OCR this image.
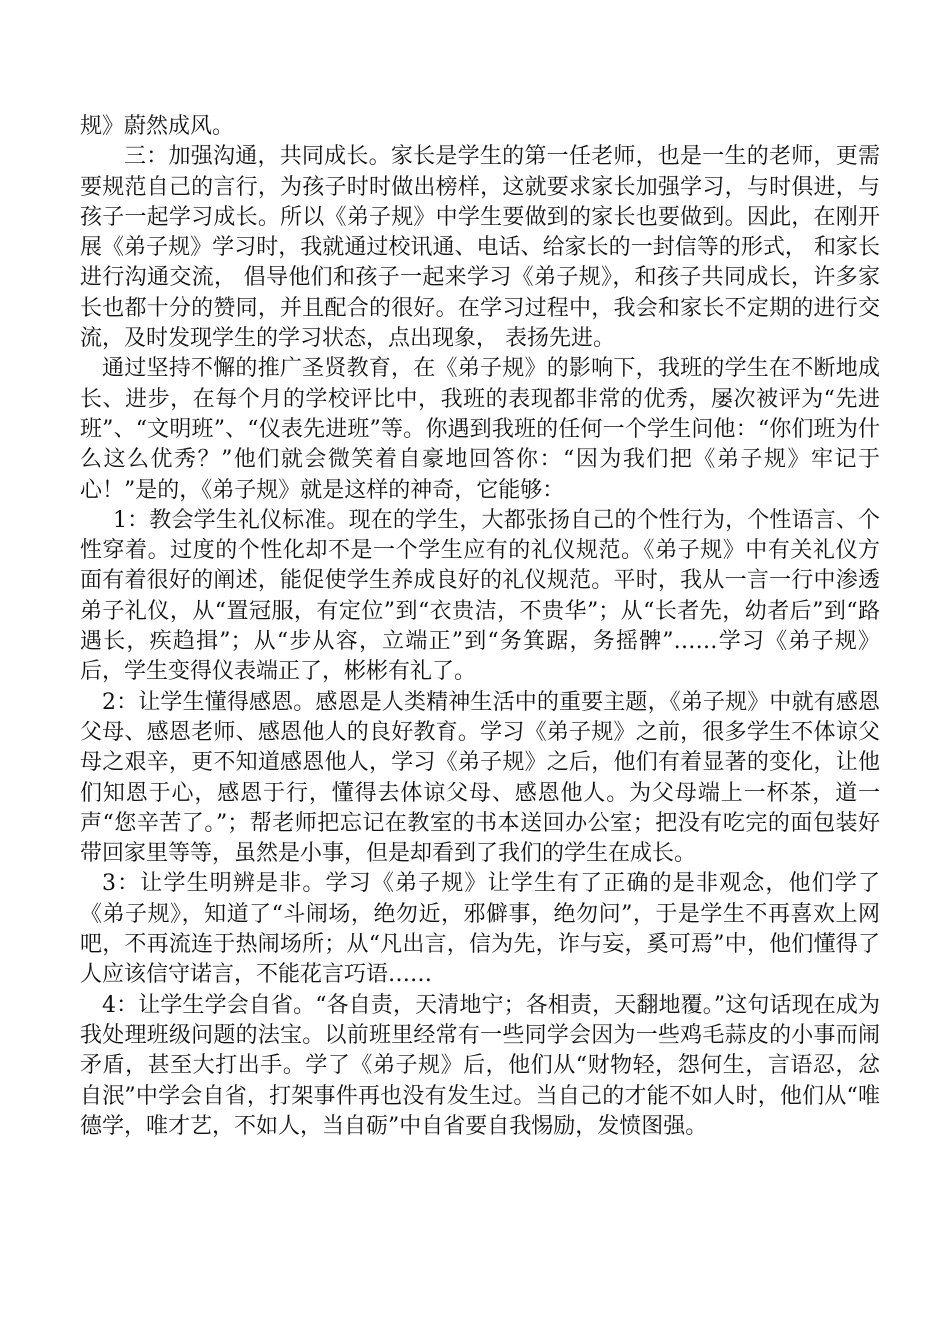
规》蔚然成风。

三：加强沟通，共同成长。家长是学生的第一任老师，也是一生的老师，更需要规范自己的言行，为孩子时时做出榜样，这就要求家长加强学习，与时俱进，与孩子一起学习成长。所以《弟子规》中学生要做到的家长也要做到。因此，在刚开展《弟子规》学习时，我就通过校讯通、电话、给家长的一封信等的形式， 和家长进行沟通交流， 倡导他们和孩子一起来学习《弟子规》，和孩子共同成长，许多家长也都十分的赞同，并且配合的很好。在学习过程中，我会和家长不定期的进行交流，及时发现学生的学习状态，点出现象， 表扬先进。

通过坚持不懈的推广圣贤教育，在《弟子规》的影响下，我班的学生在不断地成长、进步，在每个月的学校评比中，我班的表现都非常的优秀，屡次被评为“先进班”、“文明班”、“仪表先进班”等。你遇到我班的任何一个学生问他：“你们班为什么这么优秀？”他们就会微笑着自豪地回答你：“因为我们把《弟子规》牢记于心！”是的，《弟子规》就是这样的神奇，它能够：

1：教会学生礼仪标准。现在的学生，大都张扬自己的个性行为，个性语言、个性穿着。过度的个性化却不是一个学生应有的礼仪规范。《弟子规》中有关礼仪方面有着很好的阐述，能促使学生养成良好的礼仪规范。平时，我从一言一行中渗透弟子礼仪，从“置冠服，有定位”到“衣贵洁，不贵华”；从“长者先，幼者后”到“路遇长，疾趋揖”；从“步从容，立端正”到“务箕踞，务摇髀”……学习《弟子规》后，学生变得仪表端正了，彬彬有礼了。

2：让学生懂得感恩。感恩是人类精神生活中的重要主题，《弟子规》中就有感恩父母、感恩老师、感恩他人的良好教育。学习《弟子规》之前，很多学生不体谅父母之艰辛，更不知道感恩他人，学习《弟子规》之后，他们有着显著的变化，让他们知恩于心，感恩于行，懂得去体谅父母、感恩他人。为父母端上一杯茶，道一声“您辛苦了。”；帮老师把忘记在教室的书本送回办公室；把没有吃完的面包装好带回家里等等，虽然是小事，但是却看到了我们的学生在成长。

3：让学生明辨是非。学习《弟子规》让学生有了正确的是非观念，他们学了《弟子规》，知道了“斗闹场，绝勿近，邪僻事，绝勿问”，于是学生不再喜欢上网吧，不再流连于热闹场所；从“凡出言，信为先，诈与妄，奚可焉”中，他们懂得了人应该信守诺言，不能花言巧语……

4：让学生学会自省。“各自责，天清地宁；各相责，天翻地覆。”这句话现在成为我处理班级问题的法宝。以前班里经常有一些同学会因为一些鸡毛蒜皮的小事而闹矛盾，甚至大打出手。学了《弟子规》后，他们从“财物轻，怨何生，言语忍，忿自泯”中学会自省，打架事件再也没有发生过。当自己的才能不如人时，他们从“唯德学，唯才艺，不如人，当自砺”中自省要自我惕励，发愤图强。
